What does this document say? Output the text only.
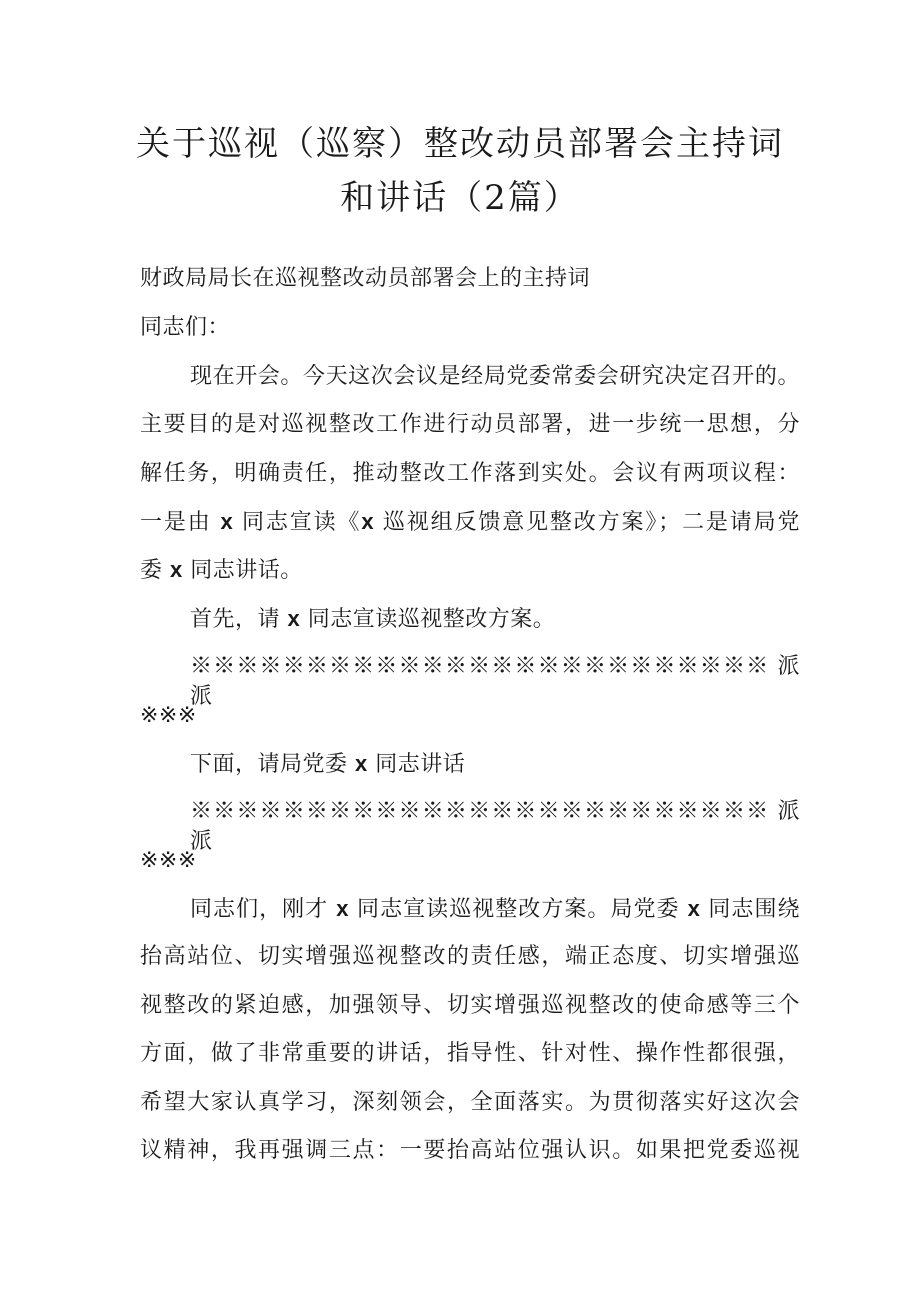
关于巡视（巡察）整改动员部署会主持词
和讲话（2篇）
财政局局长在巡视整改动员部署会上的主持词
同志们：
现在开会。今天这次会议是经局党委常委会研究决定召开的。
主要目的是对巡视整改工作进行动员部署，进一步统一思想，分
解任务，明确责任，推动整改工作落到实处。会议有两项议程：
一是由 x 同志宣读《x 巡视组反馈意见整改方案》；二是请局党
委 x 同志讲话。
首先，请 x 同志宣读巡视整改方案。
※※※※※※※※※※※※※※※※※※※※※※※※※ 派 派
※※※
下面，请局党委 x 同志讲话
※※※※※※※※※※※※※※※※※※※※※※※※※ 派 派
※※※
同志们，刚才 x 同志宣读巡视整改方案。局党委 x 同志围绕
抬高站位、切实增强巡视整改的责任感，端正态度、切实增强巡
视整改的紧迫感，加强领导、切实增强巡视整改的使命感等三个
方面，做了非常重要的讲话，指导性、针对性、操作性都很强，
希望大家认真学习，深刻领会，全面落实。为贯彻落实好这次会
议精神，我再强调三点：一要抬高站位强认识。如果把党委巡视
